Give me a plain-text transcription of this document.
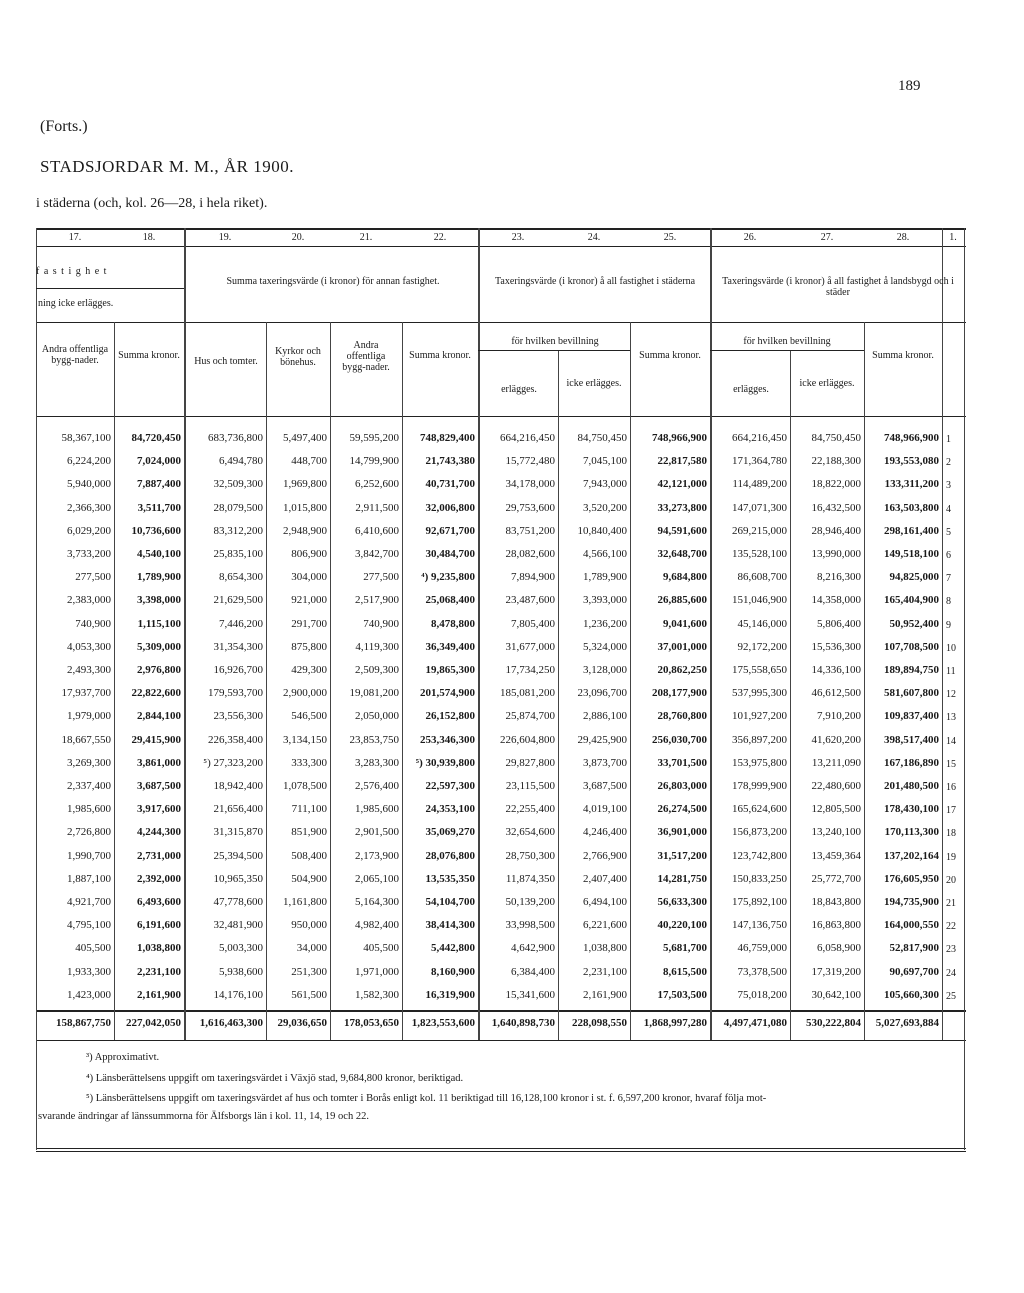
189
(Forts.)
STADSJORDAR M. M., ÅR 1900.
i städerna (och, kol. 26—28, i hela riket).
17.	18.	19.	20.	21.	22.	23.	24.	25.	26.	27.	28.	1.
f a s t i g h e t
ning icke erlägges.
Summa taxeringsvärde (i kronor) för annan fastighet.	Taxeringsvärde (i kronor) å all fastighet i städerna	Taxeringsvärde (i kronor) å all fastighet å landsbygd och i städer
Andra offentliga bygg-nader.	Summa kronor.
Hus och tomter.
Kyrkor och bönehus.
Andra offentliga bygg-nader.
Summa kronor.
för hvilken bevillning
erlägges.
icke erlägges.
Summa kronor.
för hvilken bevillning
erlägges.
icke erlägges.
Summa kronor.
58,367,100	84,720,450	683,736,800	5,497,400	59,595,200	748,829,400	664,216,450	84,750,450	748,966,900	664,216,450	84,750,450	748,966,900 1
6,224,200	7,024,000	6,494,780	448,700	14,799,900	21,743,380	15,772,480	7,045,100	22,817,580	171,364,780	22,188,300	193,553,080 2
5,940,000	7,887,400	32,509,300	1,969,800	6,252,600	40,731,700	34,178,000	7,943,000	42,121,000	114,489,200	18,822,000	133,311,200 3
2,366,300	3,511,700	28,079,500	1,015,800	2,911,500	32,006,800	29,753,600	3,520,200	33,273,800	147,071,300	16,432,500	163,503,800 4
6,029,200	10,736,600	83,312,200	2,948,900	6,410,600	92,671,700	83,751,200	10,840,400	94,591,600	269,215,000	28,946,400	298,161,400 5
3,733,200	4,540,100	25,835,100	806,900	3,842,700	30,484,700	28,082,600	4,566,100	32,648,700	135,528,100	13,990,000	149,518,100 6
277,500	1,789,900	8,654,300	304,000	277,500	⁴) 9,235,800	7,894,900	1,789,900	9,684,800	86,608,700	8,216,300	94,825,000 7
2,383,000	3,398,000	21,629,500	921,000	2,517,900	25,068,400	23,487,600	3,393,000	26,885,600	151,046,900	14,358,000	165,404,900 8
740,900	1,115,100	7,446,200	291,700	740,900	8,478,800	7,805,400	1,236,200	9,041,600	45,146,000	5,806,400	50,952,400 9
4,053,300	5,309,000	31,354,300	875,800	4,119,300	36,349,400	31,677,000	5,324,000	37,001,000	92,172,200	15,536,300	107,708,500 10
2,493,300	2,976,800	16,926,700	429,300	2,509,300	19,865,300	17,734,250	3,128,000	20,862,250	175,558,650	14,336,100	189,894,750 11
17,937,700	22,822,600	179,593,700	2,900,000	19,081,200	201,574,900	185,081,200	23,096,700	208,177,900	537,995,300	46,612,500	581,607,800 12
1,979,000	2,844,100	23,556,300	546,500	2,050,000	26,152,800	25,874,700	2,886,100	28,760,800	101,927,200	7,910,200	109,837,400 13
18,667,550	29,415,900	226,358,400	3,134,150	23,853,750	253,346,300	226,604,800	29,425,900	256,030,700	356,897,200	41,620,200	398,517,400 14
3,269,300	3,861,000	⁵) 27,323,200	333,300	3,283,300	⁵) 30,939,800	29,827,800	3,873,700	33,701,500	153,975,800	13,211,090	167,186,890 15
2,337,400	3,687,500	18,942,400	1,078,500	2,576,400	22,597,300	23,115,500	3,687,500	26,803,000	178,999,900	22,480,600	201,480,500 16
1,985,600	3,917,600	21,656,400	711,100	1,985,600	24,353,100	22,255,400	4,019,100	26,274,500	165,624,600	12,805,500	178,430,100 17
2,726,800	4,244,300	31,315,870	851,900	2,901,500	35,069,270	32,654,600	4,246,400	36,901,000	156,873,200	13,240,100	170,113,300 18
1,990,700	2,731,000	25,394,500	508,400	2,173,900	28,076,800	28,750,300	2,766,900	31,517,200	123,742,800	13,459,364	137,202,164 19
1,887,100	2,392,000	10,965,350	504,900	2,065,100	13,535,350	11,874,350	2,407,400	14,281,750	150,833,250	25,772,700	176,605,950 20
4,921,700	6,493,600	47,778,600	1,161,800	5,164,300	54,104,700	50,139,200	6,494,100	56,633,300	175,892,100	18,843,800	194,735,900 21
4,795,100	6,191,600	32,481,900	950,000	4,982,400	38,414,300	33,998,500	6,221,600	40,220,100	147,136,750	16,863,800	164,000,550 22
405,500	1,038,800	5,003,300	34,000	405,500	5,442,800	4,642,900	1,038,800	5,681,700	46,759,000	6,058,900	52,817,900 23
1,933,300	2,231,100	5,938,600	251,300	1,971,000	8,160,900	6,384,400	2,231,100	8,615,500	73,378,500	17,319,200	90,697,700 24
1,423,000	2,161,900	14,176,100	561,500	1,582,300	16,319,900	15,341,600	2,161,900	17,503,500	75,018,200	30,642,100	105,660,300 25
158,867,750	227,042,050	1,616,463,300	29,036,650	178,053,650	1,823,553,600	1,640,898,730	228,098,550	1,868,997,280	4,497,471,080	530,222,804	5,027,693,884
³) Approximativt.
⁴) Länsberättelsens uppgift om taxeringsvärdet i Växjö stad, 9,684,800 kronor, beriktigad.
⁵) Länsberättelsens uppgift om taxeringsvärdet af hus och tomter i Borås enligt kol. 11 beriktigad till 16,128,100 kronor i st. f. 6,597,200 kronor, hvaraf följa mot-
svarande ändringar af länssummorna för Älfsborgs län i kol. 11, 14, 19 och 22.
